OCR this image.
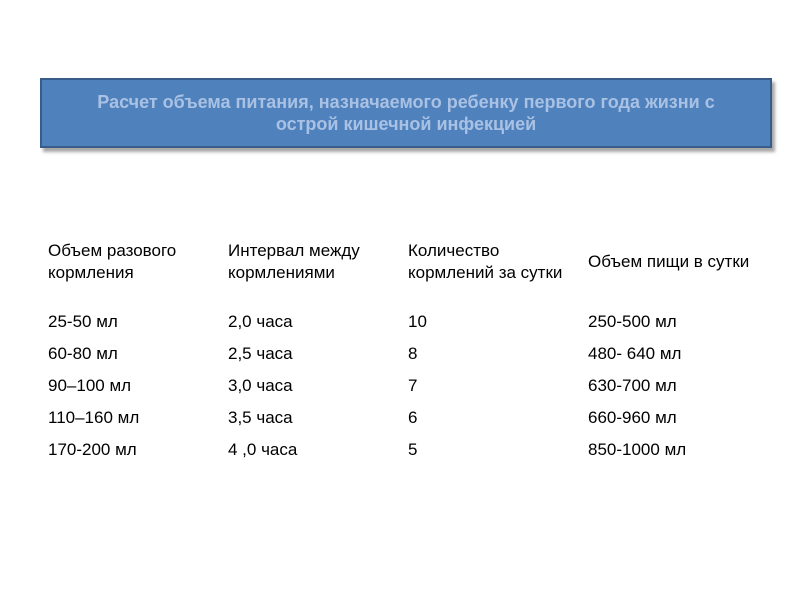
Расчет объема питания, назначаемого ребенку первого года жизни с острой кишечной инфекцией
Объем разового кормления	Интервал между кормлениями	Количество кормлений за сутки	Объем пищи в сутки
25-50 мл	2,0 часа	10	250-500 мл
60-80 мл	2,5 часа	8	480- 640 мл
90–100 мл	3,0 часа	7	630-700 мл
110–160 мл	3,5 часа	6	660-960 мл
170-200 мл	4 ,0 часа	5	850-1000 мл
